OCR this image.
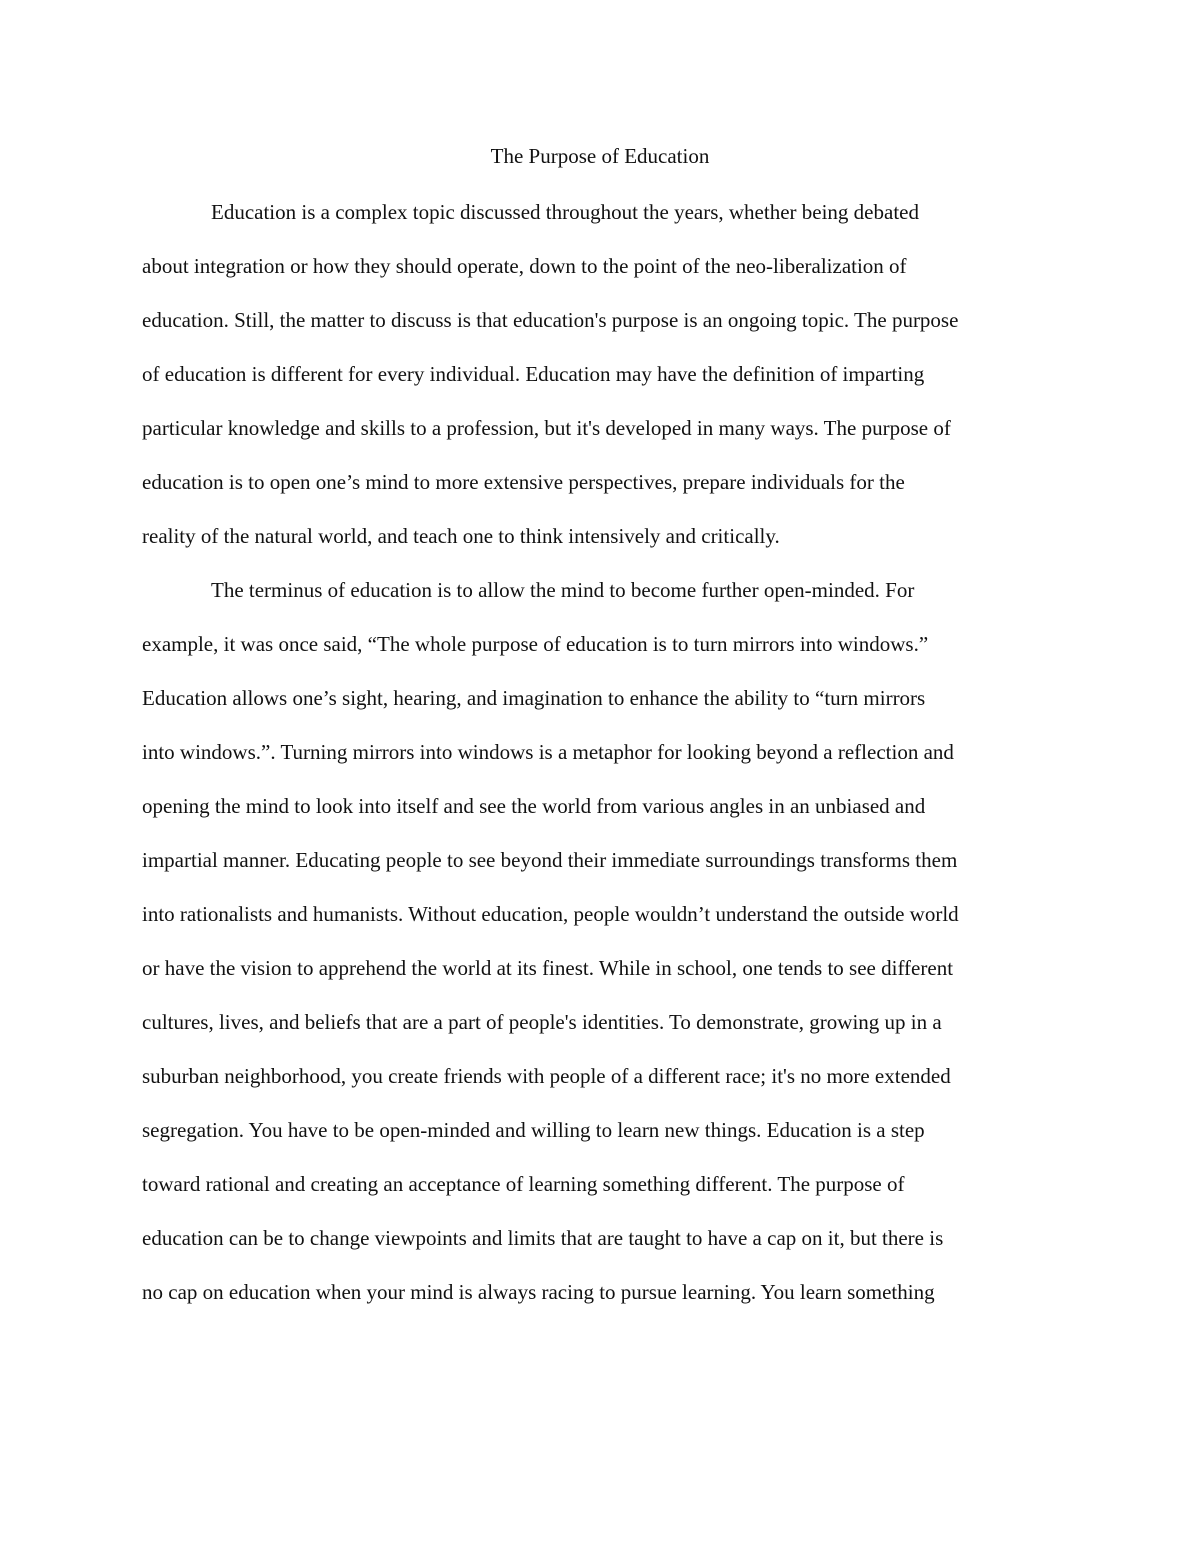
The Purpose of Education

Education is a complex topic discussed throughout the years, whether being debated

about integration or how they should operate, down to the point of the neo-liberalization of

education. Still, the matter to discuss is that education's purpose is an ongoing topic. The purpose

of education is different for every individual. Education may have the definition of imparting

particular knowledge and skills to a profession, but it's developed in many ways. The purpose of

education is to open one’s mind to more extensive perspectives, prepare individuals for the

reality of the natural world, and teach one to think intensively and critically.

The terminus of education is to allow the mind to become further open-minded. For

example, it was once said, “The whole purpose of education is to turn mirrors into windows.”

Education allows one’s sight, hearing, and imagination to enhance the ability to “turn mirrors

into windows.”. Turning mirrors into windows is a metaphor for looking beyond a reflection and

opening the mind to look into itself and see the world from various angles in an unbiased and

impartial manner. Educating people to see beyond their immediate surroundings transforms them

into rationalists and humanists. Without education, people wouldn’t understand the outside world

or have the vision to apprehend the world at its finest. While in school, one tends to see different

cultures, lives, and beliefs that are a part of people's identities. To demonstrate, growing up in a

suburban neighborhood, you create friends with people of a different race; it's no more extended

segregation. You have to be open-minded and willing to learn new things. Education is a step

toward rational and creating an acceptance of learning something different. The purpose of

education can be to change viewpoints and limits that are taught to have a cap on it, but there is

no cap on education when your mind is always racing to pursue learning. You learn something
